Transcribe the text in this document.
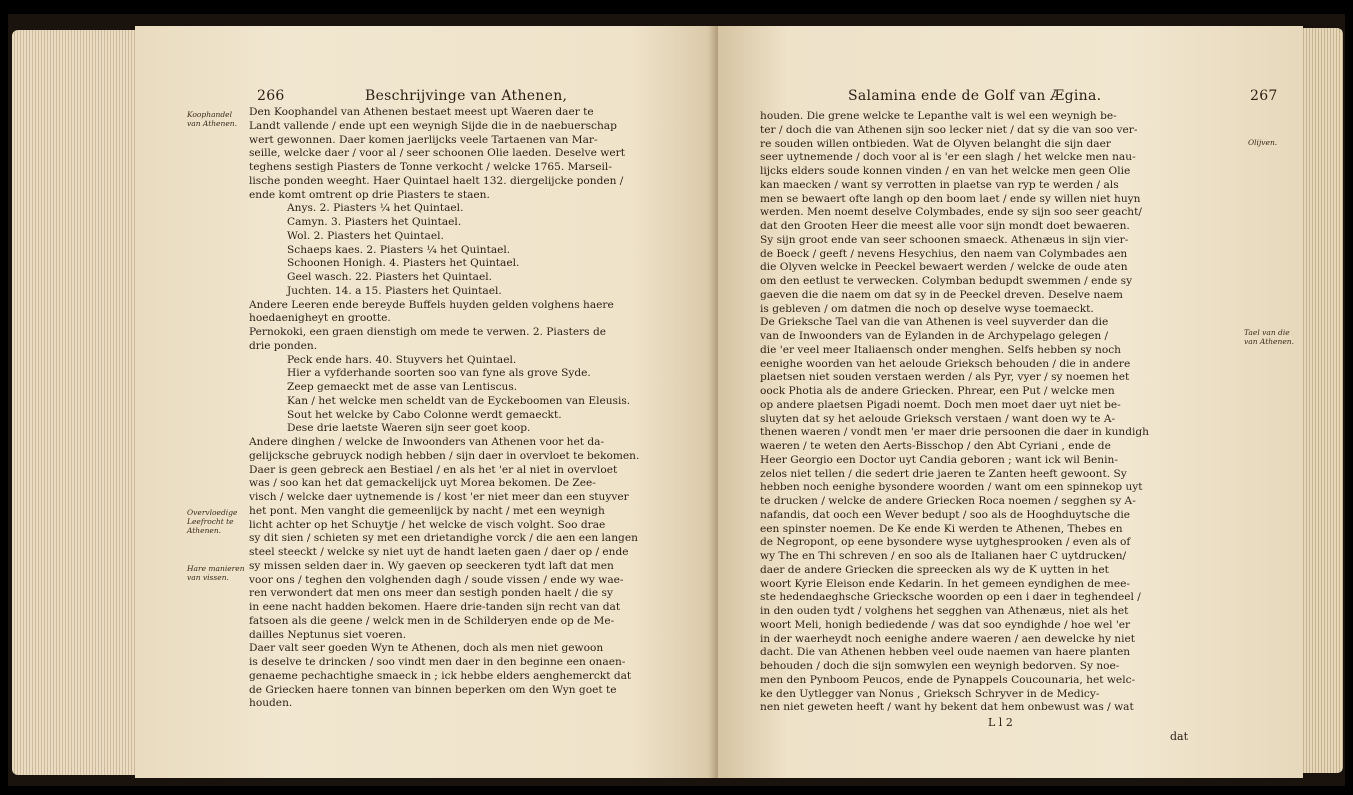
266	Beschrijvinge van Athenen,
Koophandel van Athenen.
Overvloedige Leefrocht te Athenen.
Hare manieren van vissen.
Den Koophandel van Athenen bestaet meest upt Waeren daer te
Landt vallende / ende upt een weynigh Sijde die in de naebuerschap
wert gewonnen. Daer komen jaerlijcks veele Tartaenen van Mar-
seille, welcke daer / voor al / seer schoonen Olie laeden. Deselve wert
teghens sestigh Piasters de Tonne verkocht / welcke 1765. Marseil-
lische ponden weeght. Haer Quintael haelt 132. diergelijcke ponden /
ende komt omtrent op drie Piasters te staen.
Anys. 2. Piasters ¼ het Quintael.
Camyn. 3. Piasters het Quintael.
Wol. 2. Piasters het Quintael.
Schaeps kaes. 2. Piasters ¼ het Quintael.
Schoonen Honigh. 4. Piasters het Quintael.
Geel wasch. 22. Piasters het Quintael.
Juchten. 14. a 15. Piasters het Quintael.
Andere Leeren ende bereyde Buffels huyden gelden volghens haere
hoedaenigheyt en grootte.
Pernokoki, een graen dienstigh om mede te verwen. 2. Piasters de
drie ponden.
Peck ende hars. 40. Stuyvers het Quintael.
Hier a vyfderhande soorten soo van fyne als grove Syde.
Zeep gemaeckt met de asse van Lentiscus.
Kan / het welcke men scheldt van de Eyckeboomen van Eleusis.
Sout het welcke by Cabo Colonne werdt gemaeckt.
Dese drie laetste Waeren sijn seer goet koop.
Andere dinghen / welcke de Inwoonders van Athenen voor het da-
gelijcksche gebruyck nodigh hebben / sijn daer in overvloet te bekomen.
Daer is geen gebreck aen Bestiael / en als het 'er al niet in overvloet
was / soo kan het dat gemackelijck uyt Morea bekomen. De Zee-
visch / welcke daer uytnemende is / kost 'er niet meer dan een stuyver
het pont. Men vanght die gemeenlijck by nacht / met een weynigh
licht achter op het Schuytje / het welcke de visch volght. Soo drae
sy dit sien / schieten sy met een drietandighe vorck / die aen een langen
steel steeckt / welcke sy niet uyt de handt laeten gaen / daer op / ende
sy missen selden daer in. Wy gaeven op seeckeren tydt laft dat men
voor ons / teghen den volghenden dagh / soude vissen / ende wy wae-
ren verwondert dat men ons meer dan sestigh ponden haelt / die sy
in eene nacht hadden bekomen. Haere drie-tanden sijn recht van dat
fatsoen als die geene / welck men in de Schilderyen ende op de Me-
dailles Neptunus siet voeren.
Daer valt seer goeden Wyn te Athenen, doch als men niet gewoon
is deselve te drincken / soo vindt men daer in den beginne een onaen-
genaeme pechachtighe smaeck in ; ick hebbe elders aenghemerckt dat
de Griecken haere tonnen van binnen beperken om den Wyn goet te
houden.
Salamina ende de Golf van Ægina.	267
Olijven.
Tael van die van Athenen.
houden. Die grene welcke te Lepanthe valt is wel een weynigh be-
ter / doch die van Athenen sijn soo lecker niet / dat sy die van soo ver-
re souden willen ontbieden. Wat de Olyven belanght die sijn daer
seer uytnemende / doch voor al is 'er een slagh / het welcke men nau-
lijcks elders soude konnen vinden / en van het welcke men geen Olie
kan maecken / want sy verrotten in plaetse van ryp te werden / als
men se bewaert ofte langh op den boom laet / ende sy willen niet huyn
werden. Men noemt deselve Colymbades, ende sy sijn soo seer geacht/
dat den Grooten Heer die meest alle voor sijn mondt doet bewaeren.
Sy sijn groot ende van seer schoonen smaeck. Athenæus in sijn vier-
de Boeck / geeft / nevens Hesychius, den naem van Colymbades aen
die Olyven welcke in Peeckel bewaert werden / welcke de oude aten
om den eetlust te verwecken. Colymban bedupdt swemmen / ende sy
gaeven die die naem om dat sy in de Peeckel dreven. Deselve naem
is gebleven / om datmen die noch op deselve wyse toemaeckt.
De Grieksche Tael van die van Athenen is veel suyverder dan die
van de Inwoonders van de Eylanden in de Archypelago gelegen /
die 'er veel meer Italiaensch onder menghen. Selfs hebben sy noch
eenighe woorden van het aeloude Grieksch behouden / die in andere
plaetsen niet souden verstaen werden / als Pyr, vyer / sy noemen het
oock Photia als de andere Griecken. Phrear, een Put / welcke men
op andere plaetsen Pigadi noemt. Doch men moet daer uyt niet be-
sluyten dat sy het aeloude Grieksch verstaen / want doen wy te A-
thenen waeren / vondt men 'er maer drie persoonen die daer in kundigh
waeren / te weten den Aerts-Bisschop / den Abt Cyriani , ende de
Heer Georgio een Doctor uyt Candia geboren ; want ick wil Benin-
zelos niet tellen / die sedert drie jaeren te Zanten heeft gewoont. Sy
hebben noch eenighe bysondere woorden / want om een spinnekop uyt
te drucken / welcke de andere Griecken Roca noemen / segghen sy A-
nafandis, dat ooch een Wever bedupt / soo als de Hooghduytsche die
een spinster noemen. De Ke ende Ki werden te Athenen, Thebes en
de Negropont, op eene bysondere wyse uytghesprooken / even als of
wy The en Thi schreven / en soo als de Italianen haer C uytdrucken/
daer de andere Griecken die spreecken als wy de K uytten in het
woort Kyrie Eleison ende Kedarin. In het gemeen eyndighen de mee-
ste hedendaeghsche Griecksche woorden op een i daer in teghendeel /
in den ouden tydt / volghens het segghen van Athenæus, niet als het
woort Meli, honigh bediedende / was dat soo eyndighde / hoe wel 'er
in der waerheydt noch eenighe andere waeren / aen dewelcke hy niet
dacht. Die van Athenen hebben veel oude naemen van haere planten
behouden / doch die sijn somwylen een weynigh bedorven. Sy noe-
men den Pynboom Peucos, ende de Pynappels Coucounaria, het welc-
ke den Uytlegger van Nonus , Grieksch Schryver in de Medicy-
nen niet geweten heeft / want hy bekent dat hem onbewust was / wat
L l 2
dat
